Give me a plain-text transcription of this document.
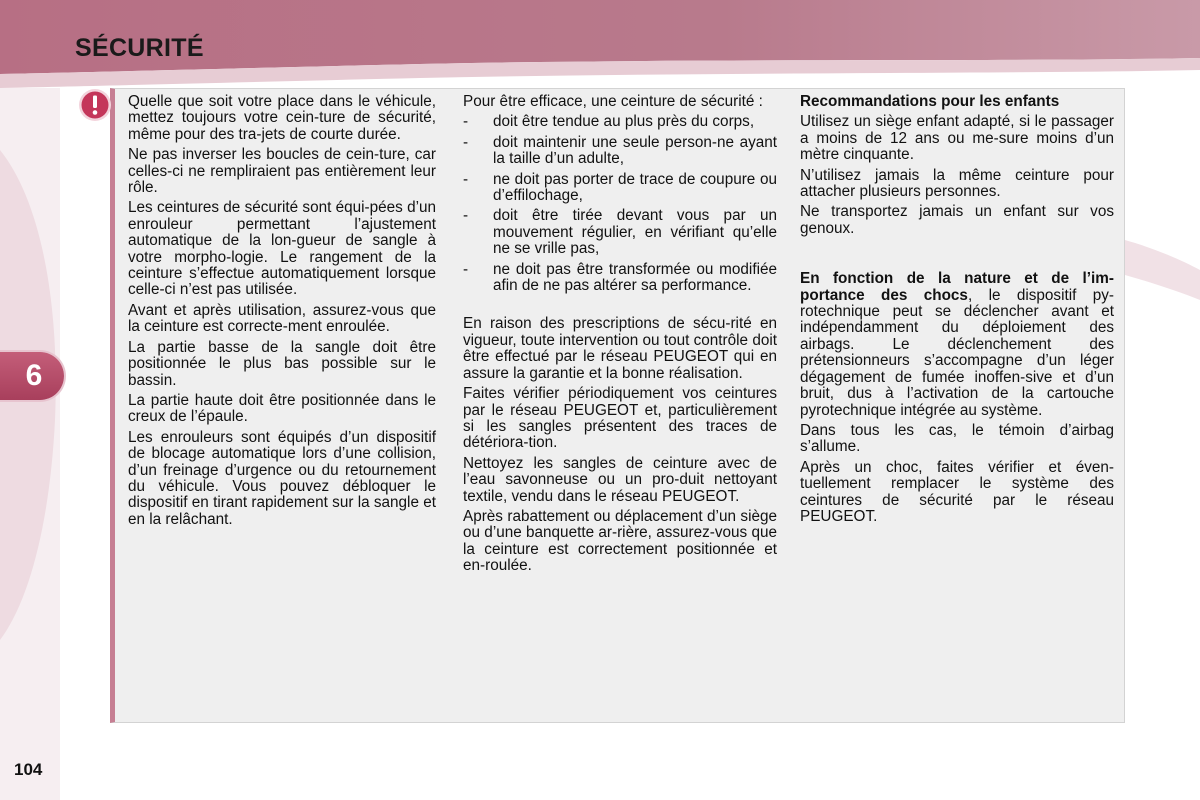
SÉCURITÉ
6

Quelle que soit votre place dans le véhicule, mettez toujours votre cein-ture de sécurité, même pour des tra-jets de courte durée.

Ne pas inverser les boucles de cein-ture, car celles-ci ne rempliraient pas entièrement leur rôle.

Les ceintures de sécurité sont équi-pées d’un enrouleur permettant l’ajustement automatique de la lon-gueur de sangle à votre morpho-logie. Le rangement de la ceinture s’effectue automatiquement lorsque celle-ci n’est pas utilisée.

Avant et après utilisation, assurez-vous que la ceinture est correcte-ment enroulée.

La partie basse de la sangle doit être positionnée le plus bas possible sur le bassin.

La partie haute doit être positionnée dans le creux de l’épaule.

Les enrouleurs sont équipés d’un dispositif de blocage automatique lors d’une collision, d’un freinage d’urgence ou du retournement du véhicule. Vous pouvez débloquer le dispositif en tirant rapidement sur la sangle et en la relâchant.

Pour être efficace, une ceinture de sécurité :

- doit être tendue au plus près du corps,
- doit maintenir une seule person-ne ayant la taille d’un adulte,
- ne doit pas porter de trace de coupure ou d’effilochage,
- doit être tirée devant vous par un mouvement régulier, en vérifiant qu’elle ne se vrille pas,
- ne doit pas être transformée ou modifiée afin de ne pas altérer sa performance.

En raison des prescriptions de sécu-rité en vigueur, toute intervention ou tout contrôle doit être effectué par le réseau PEUGEOT qui en assure la garantie et la bonne réalisation.

Faites vérifier périodiquement vos ceintures par le réseau PEUGEOT et, particulièrement si les sangles présentent des traces de détériora-tion.

Nettoyez les sangles de ceinture avec de l’eau savonneuse ou un pro-duit nettoyant textile, vendu dans le réseau PEUGEOT.

Après rabattement ou déplacement d’un siège ou d’une banquette ar-rière, assurez-vous que la ceinture est correctement positionnée et en-roulée.

Recommandations pour les enfants

Utilisez un siège enfant adapté, si le passager a moins de 12 ans ou me-sure moins d’un mètre cinquante.

N’utilisez jamais la même ceinture pour attacher plusieurs personnes.

Ne transportez jamais un enfant sur vos genoux.

En fonction de la nature et de l’im-portance des chocs, le dispositif py-rotechnique peut se déclencher avant et indépendamment du déploiement des airbags. Le déclenchement des prétensionneurs s’accompagne d’un léger dégagement de fumée inoffen-sive et d’un bruit, dus à l’activation de la cartouche pyrotechnique intégrée au système.

Dans tous les cas, le témoin d’airbag s’allume.

Après un choc, faites vérifier et éven-tuellement remplacer le système des ceintures de sécurité par le réseau PEUGEOT.

104
